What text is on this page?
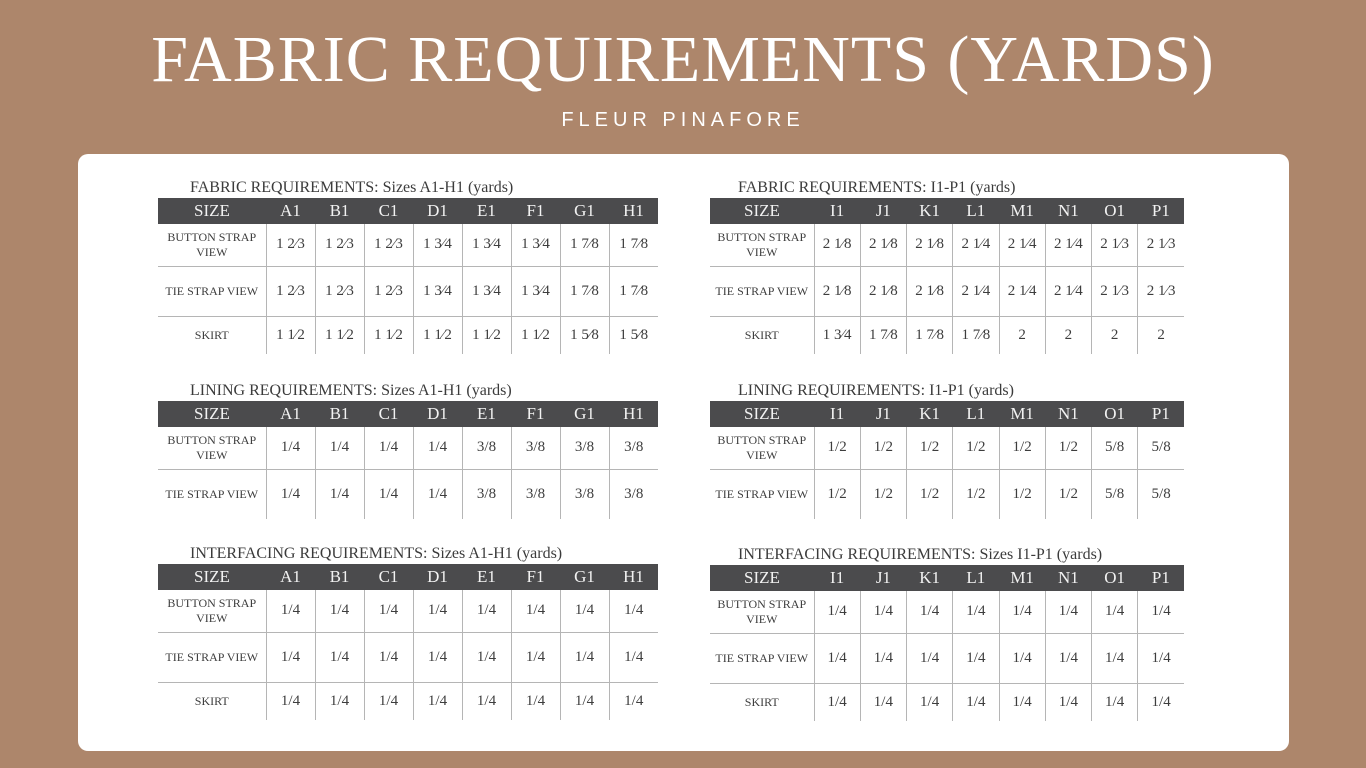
FABRIC REQUIREMENTS (YARDS)
FLEUR PINAFORE
FABRIC REQUIREMENTS: Sizes A1-H1 (yards)
SIZE	A1	B1	C1	D1	E1	F1	G1	H1
BUTTON STRAP VIEW	1 2⁄3	1 2⁄3	1 2⁄3	1 3⁄4	1 3⁄4	1 3⁄4	1 7⁄8	1 7⁄8
TIE STRAP VIEW	1 2⁄3	1 2⁄3	1 2⁄3	1 3⁄4	1 3⁄4	1 3⁄4	1 7⁄8	1 7⁄8
SKIRT	1 1⁄2	1 1⁄2	1 1⁄2	1 1⁄2	1 1⁄2	1 1⁄2	1 5⁄8	1 5⁄8
FABRIC REQUIREMENTS: I1-P1 (yards)
SIZE	I1	J1	K1	L1	M1	N1	O1	P1
BUTTON STRAP VIEW	2 1⁄8	2 1⁄8	2 1⁄8	2 1⁄4	2 1⁄4	2 1⁄4	2 1⁄3	2 1⁄3
TIE STRAP VIEW	2 1⁄8	2 1⁄8	2 1⁄8	2 1⁄4	2 1⁄4	2 1⁄4	2 1⁄3	2 1⁄3
SKIRT	1 3⁄4	1 7⁄8	1 7⁄8	1 7⁄8	2	2	2	2
LINING REQUIREMENTS: Sizes A1-H1 (yards)
SIZE	A1	B1	C1	D1	E1	F1	G1	H1
BUTTON STRAP VIEW	1/4	1/4	1/4	1/4	3/8	3/8	3/8	3/8
TIE STRAP VIEW	1/4	1/4	1/4	1/4	3/8	3/8	3/8	3/8
LINING REQUIREMENTS: I1-P1 (yards)
SIZE	I1	J1	K1	L1	M1	N1	O1	P1
BUTTON STRAP VIEW	1/2	1/2	1/2	1/2	1/2	1/2	5/8	5/8
TIE STRAP VIEW	1/2	1/2	1/2	1/2	1/2	1/2	5/8	5/8
INTERFACING REQUIREMENTS: Sizes A1-H1 (yards)
SIZE	A1	B1	C1	D1	E1	F1	G1	H1
BUTTON STRAP VIEW	1/4	1/4	1/4	1/4	1/4	1/4	1/4	1/4
TIE STRAP VIEW	1/4	1/4	1/4	1/4	1/4	1/4	1/4	1/4
SKIRT	1/4	1/4	1/4	1/4	1/4	1/4	1/4	1/4
INTERFACING REQUIREMENTS: Sizes I1-P1 (yards)
SIZE	I1	J1	K1	L1	M1	N1	O1	P1
BUTTON STRAP VIEW	1/4	1/4	1/4	1/4	1/4	1/4	1/4	1/4
TIE STRAP VIEW	1/4	1/4	1/4	1/4	1/4	1/4	1/4	1/4
SKIRT	1/4	1/4	1/4	1/4	1/4	1/4	1/4	1/4
